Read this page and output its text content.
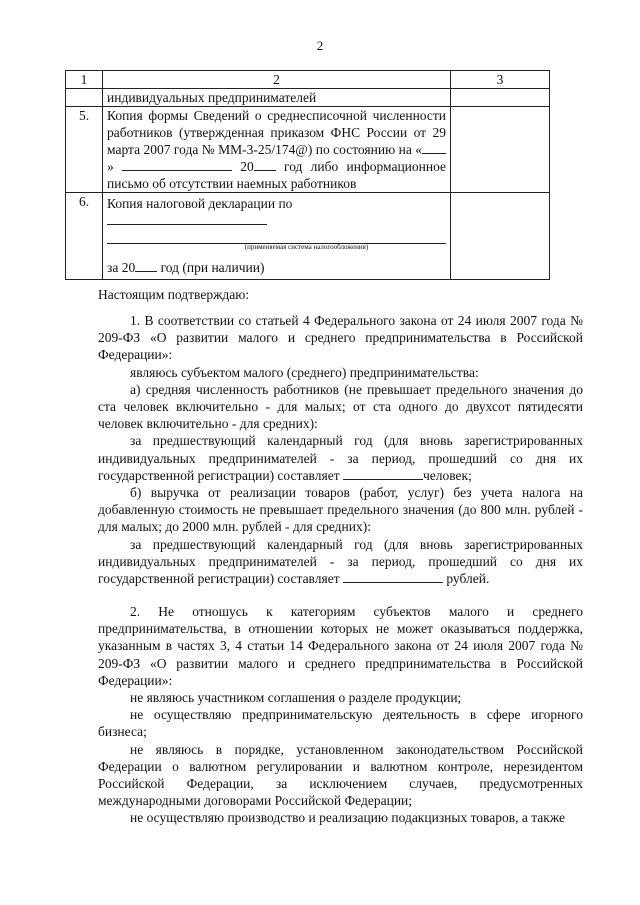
2
1	2	3
	индивидуальных предпринимателей	
5.	Копия формы Сведений о среднесписочной численности работников (утвержденная приказом ФНС России от 29 марта 2007 года № ММ-3-25/174@) по состоянию на «» 20 год либо информационное письмо об отсутствии наемных работников	
6.	Копия налоговой декларации по
(применяемая система налогообложения)
за 20 год (при наличии)	

Настоящим подтверждаю:

1. В соответствии со статьей 4 Федерального закона от 24 июля 2007 года № 209-ФЗ «О развитии малого и среднего предпринимательства в Российской Федерации»:

являюсь субъектом малого (среднего) предпринимательства:

а) средняя численность работников (не превышает предельного значения до ста человек включительно - для малых; от ста одного до двухсот пятидесяти человек включительно - для средних):

за предшествующий календарный год (для вновь зарегистрированных индивидуальных предпринимателей - за период, прошедший со дня их государственной регистрации) составляет	человек;

б) выручка от реализации товаров (работ, услуг) без учета налога на добавленную стоимость не превышает предельного значения (до 800 млн. рублей - для малых; до 2000 млн. рублей - для средних):

за предшествующий календарный год (для вновь зарегистрированных индивидуальных предпринимателей - за период, прошедший со дня их государственной регистрации) составляет	рублей.

2. Не отношусь к категориям субъектов малого и среднего предпринимательства, в отношении которых не может оказываться поддержка, указанным в частях 3, 4 статьи 14 Федерального закона от 24 июля 2007 года № 209-ФЗ «О развитии малого и среднего предпринимательства в Российской Федерации»:

не являюсь участником соглашения о разделе продукции;

не осуществляю предпринимательскую деятельность в сфере игорного бизнеса;

не являюсь в порядке, установленном законодательством Российской Федерации о валютном регулировании и валютном контроле, нерезидентом Российской Федерации, за исключением случаев, предусмотренных международными договорами Российской Федерации;

не осуществляю производство и реализацию подакцизных товаров, а также
